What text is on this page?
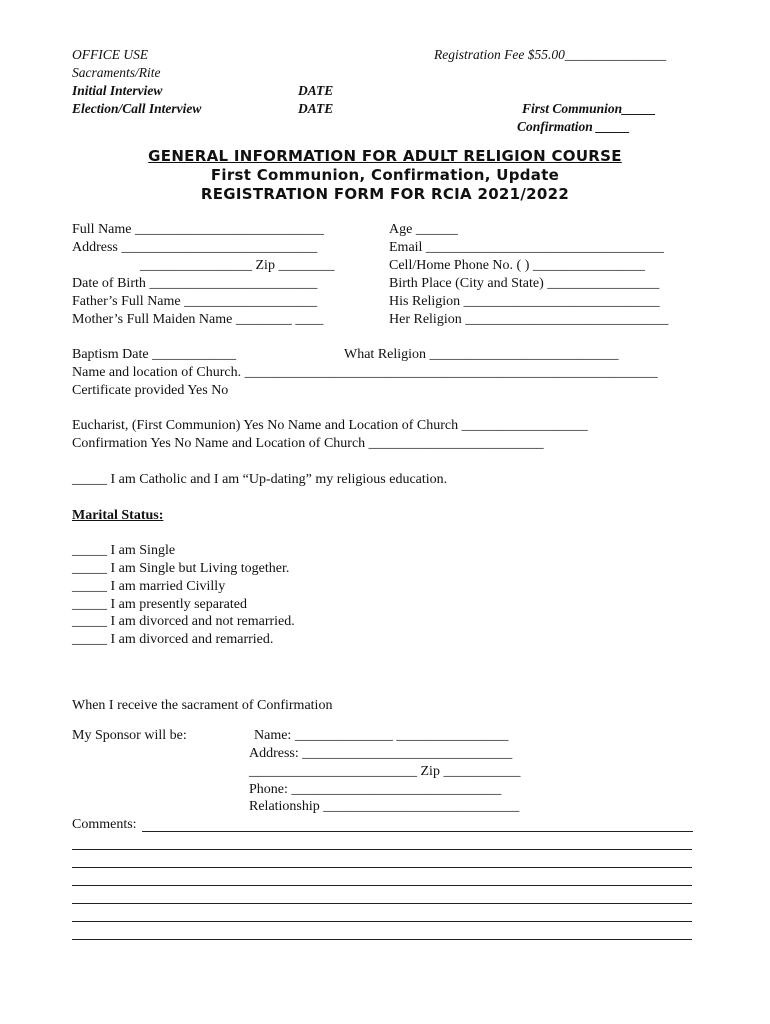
OFFICE USE
Sacraments/Rite
Initial Interview
Election/Call Interview
DATE
DATE
Registration Fee $55.00_______________
First Communion_____
Confirmation _____
GENERAL INFORMATION FOR ADULT RELIGION COURSE
First Communion, Confirmation, Update
REGISTRATION FORM FOR RCIA 2021/2022
Full Name ___________________________
Address ____________________________
________________ Zip ________
Date of Birth ________________________
Father’s Full Name ___________________
Mother’s Full Maiden Name ________ ____
Age ______
Email __________________________________
Cell/Home Phone No. ( ) ________________
Birth Place (City and State) ________________
His Religion ____________________________
Her Religion _____________________________
Baptism Date ____________	What Religion ___________________________
Name and location of Church. ___________________________________________________________
Certificate provided Yes No
Eucharist, (First Communion) Yes No Name and Location of Church __________________
Confirmation Yes No Name and Location of Church _________________________
_____ I am Catholic and I am “Up-dating” my religious education.
Marital Status:
_____ I am Single
_____ I am Single but Living together.
_____ I am married Civilly
_____ I am presently separated
_____ I am divorced and not remarried.
_____ I am divorced and remarried.
When I receive the sacrament of Confirmation
My Sponsor will be:	Name: ______________ ________________
Address: ______________________________
________________________ Zip ___________
Phone: ______________________________
Relationship ____________________________
Comments:
